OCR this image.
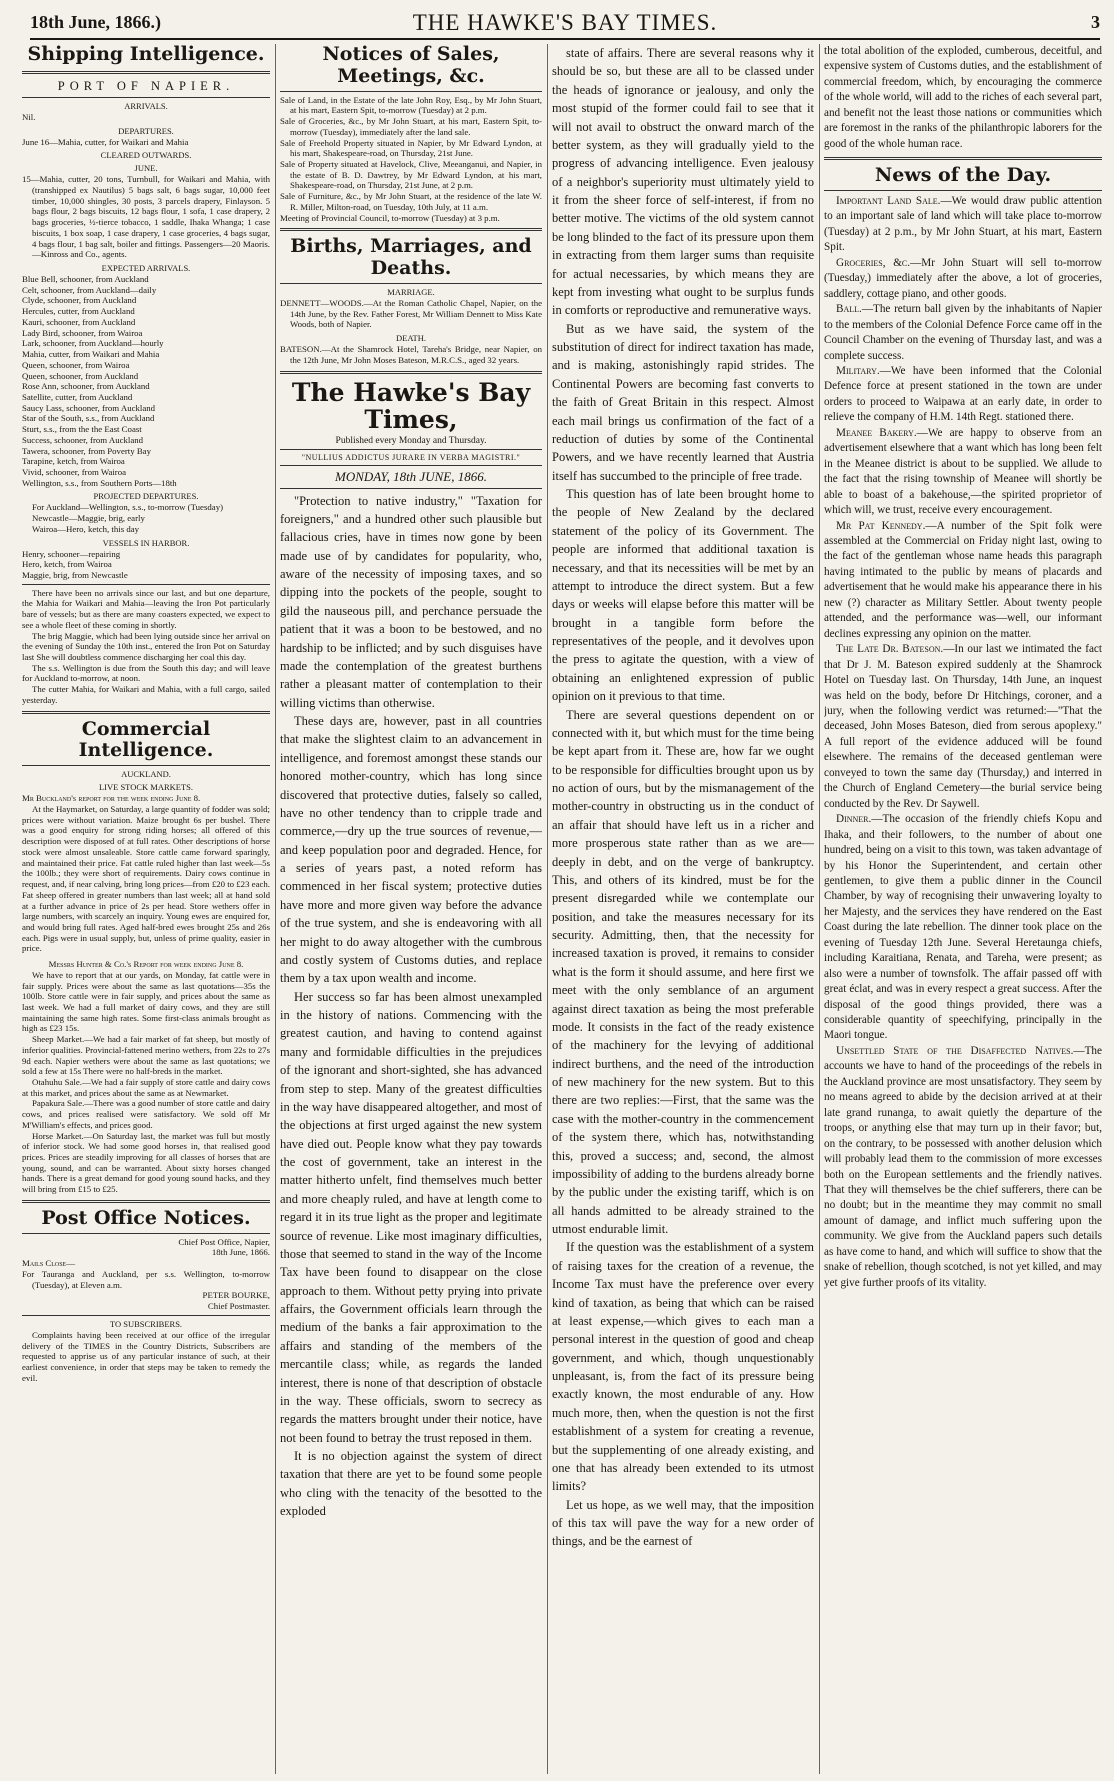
18th June, 1866.)	THE HAWKE'S BAY TIMES.	3
Shipping Intelligence.
PORT OF NAPIER.
ARRIVALS.

Nil.

DEPARTURES.

June 16—Mahia, cutter, for Waikari and Mahia

CLEARED OUTWARDS.
JUNE.

15—Mahia, cutter, 20 tons, Turnbull, for Waikari and Mahia, with (transhipped ex Nautilus) 5 bags salt, 6 bags sugar, 10,000 feet timber, 10,000 shingles, 30 posts, 3 parcels drapery, Finlayson. 5 bags flour, 2 bags biscuits, 12 bags flour, 1 sofa, 1 case drapery, 2 bags groceries, ½-tierce tobacco, 1 saddle, Ihaka Whanga; 1 case biscuits, 1 box soap, 1 case drapery, 1 case groceries, 4 bags sugar, 4 bags flour, 1 bag salt, boiler and fittings. Passengers—20 Maoris.—Kinross and Co., agents.

EXPECTED ARRIVALS.

Blue Bell, schooner, from Auckland

Celt, schooner, from Auckland—daily

Clyde, schooner, from Auckland

Hercules, cutter, from Auckland

Kauri, schooner, from Auckland

Lady Bird, schooner, from Wairoa

Lark, schooner, from Auckland—hourly

Mahia, cutter, from Waikari and Mahia

Queen, schooner, from Wairoa

Queen, schooner, from Auckland

Rose Ann, schooner, from Auckland

Satellite, cutter, from Auckland

Saucy Lass, schooner, from Auckland

Star of the South, s.s., from Auckland

Sturt, s.s., from the the East Coast

Success, schooner, from Auckland

Tawera, schooner, from Poverty Bay

Tarapine, ketch, from Wairoa

Vivid, schooner, from Wairoa

Wellington, s.s., from Southern Ports—18th

PROJECTED DEPARTURES.

For Auckland—Wellington, s.s., to-morrow (Tuesday)

Newcastle—Maggie, brig, early

Wairoa—Hero, ketch, this day

VESSELS IN HARBOR.

Henry, schooner—repairing

Hero, ketch, from Wairoa

Maggie, brig, from Newcastle

There have been no arrivals since our last, and but one departure, the Mahia for Waikari and Mahia—leaving the Iron Pot particularly bare of vessels; but as there are many coasters expected, we expect to see a whole fleet of these coming in shortly.

The brig Maggie, which had been lying outside since her arrival on the evening of Sunday the 10th inst., entered the Iron Pot on Saturday last She will doubtless commence discharging her coal this day.

The s.s. Wellington is due from the South this day; and will leave for Auckland to-morrow, at noon.

The cutter Mahia, for Waikari and Mahia, with a full cargo, sailed yesterday.

Commercial Intelligence.
AUCKLAND.
LIVE STOCK MARKETS.

Mr Buckland's report for the week ending June 8.

At the Haymarket, on Saturday, a large quantity of fodder was sold; prices were without variation. Maize brought 6s per bushel. There was a good enquiry for strong riding horses; all offered of this description were disposed of at full rates. Other descriptions of horse stock were almost unsaleable. Store cattle came forward sparingly, and maintained their price. Fat cattle ruled higher than last week—5s the 100lb.; they were short of requirements. Dairy cows continue in request, and, if near calving, bring long prices—from £20 to £23 each. Fat sheep offered in greater numbers than last week; all at hand sold at a further advance in price of 2s per head. Store wethers offer in large numbers, with scarcely an inquiry. Young ewes are enquired for, and would bring full rates. Aged half-bred ewes brought 25s and 26s each. Pigs were in usual supply, but, unless of prime quality, easier in price.

Messrs Hunter & Co.'s Report for week ending June 8.

We have to report that at our yards, on Monday, fat cattle were in fair supply. Prices were about the same as last quotations—35s the 100lb. Store cattle were in fair supply, and prices about the same as last week. We had a full market of dairy cows, and they are still maintaining the same high rates. Some first-class animals brought as high as £23 15s.

Sheep Market.—We had a fair market of fat sheep, but mostly of inferior qualities. Provincial-fattened merino wethers, from 22s to 27s 9d each. Napier wethers were about the same as last quotations; we sold a few at 15s There were no half-breds in the market.

Otahuhu Sale.—We had a fair supply of store cattle and dairy cows at this market, and prices about the same as at Newmarket.

Papakura Sale.—There was a good number of store cattle and dairy cows, and prices realised were satisfactory. We sold off Mr M'William's effects, and prices good.

Horse Market.—On Saturday last, the market was full but mostly of inferior stock. We had some good horses in, that realised good prices. Prices are steadily improving for all classes of horses that are young, sound, and can be warranted. About sixty horses changed hands. There is a great demand for good young sound hacks, and they will bring from £15 to £25.

Post Office Notices.

Chief Post Office, Napier,

18th June, 1866.

Mails Close—

For Tauranga and Auckland, per s.s. Wellington, to-morrow (Tuesday), at Eleven a.m.

PETER BOURKE,

Chief Postmaster.

TO SUBSCRIBERS.

Complaints having been received at our office of the irregular delivery of the TIMES in the Country Districts, Subscribers are requested to apprise us of any particular instance of such, at their earliest convenience, in order that steps may be taken to remedy the evil.

Notices of Sales, Meetings, &c.

Sale of Land, in the Estate of the late John Roy, Esq., by Mr John Stuart, at his mart, Eastern Spit, to-morrow (Tuesday) at 2 p.m.

Sale of Groceries, &c., by Mr John Stuart, at his mart, Eastern Spit, to-morrow (Tuesday), immediately after the land sale.

Sale of Freehold Property situated in Napier, by Mr Edward Lyndon, at his mart, Shakespeare-road, on Thursday, 21st June.

Sale of Property situated at Havelock, Clive, Meeanganui, and Napier, in the estate of B. D. Dawtrey, by Mr Edward Lyndon, at his mart, Shakespeare-road, on Thursday, 21st June, at 2 p.m.

Sale of Furniture, &c., by Mr John Stuart, at the residence of the late W. R. Miller, Milton-road, on Tuesday, 10th July, at 11 a.m.

Meeting of Provincial Council, to-morrow (Tuesday) at 3 p.m.

Births, Marriages, and Deaths.
MARRIAGE.

DENNETT—WOODS.—At the Roman Catholic Chapel, Napier, on the 14th June, by the Rev. Father Forest, Mr William Dennett to Miss Kate Woods, both of Napier.

DEATH.

BATESON.—At the Shamrock Hotel, Tareha's Bridge, near Napier, on the 12th June, Mr John Moses Bateson, M.R.C.S., aged 32 years.

The Hawke's Bay Times,
Published every Monday and Thursday.
"NULLIUS ADDICTUS JURARE IN VERBA MAGISTRI."
MONDAY, 18th JUNE, 1866.

"Protection to native industry," "Taxation for foreigners," and a hundred other such plausible but fallacious cries, have in times now gone by been made use of by candidates for popularity, who, aware of the necessity of imposing taxes, and so dipping into the pockets of the people, sought to gild the nauseous pill, and perchance persuade the patient that it was a boon to be bestowed, and no hardship to be inflicted; and by such disguises have made the contemplation of the greatest burthens rather a pleasant matter of contemplation to their willing victims than otherwise.

These days are, however, past in all countries that make the slightest claim to an advancement in intelligence, and foremost amongst these stands our honored mother-country, which has long since discovered that protective duties, falsely so called, have no other tendency than to cripple trade and commerce,—dry up the true sources of revenue,—and keep population poor and degraded. Hence, for a series of years past, a noted reform has commenced in her fiscal system; protective duties have more and more given way before the advance of the true system, and she is endeavoring with all her might to do away altogether with the cumbrous and costly system of Customs duties, and replace them by a tax upon wealth and income.

Her success so far has been almost unexampled in the history of nations. Commencing with the greatest caution, and having to contend against many and formidable difficulties in the prejudices of the ignorant and short-sighted, she has advanced from step to step. Many of the greatest difficulties in the way have disappeared altogether, and most of the objections at first urged against the new system have died out. People know what they pay towards the cost of government, take an interest in the matter hitherto unfelt, find themselves much better and more cheaply ruled, and have at length come to regard it in its true light as the proper and legitimate source of revenue. Like most imaginary difficulties, those that seemed to stand in the way of the Income Tax have been found to disappear on the close approach to them. Without petty prying into private affairs, the Government officials learn through the medium of the banks a fair approximation to the affairs and standing of the members of the mercantile class; while, as regards the landed interest, there is none of that description of obstacle in the way. These officials, sworn to secrecy as regards the matters brought under their notice, have not been found to betray the trust reposed in them.

It is no objection against the system of direct taxation that there are yet to be found some people who cling with the tenacity of the besotted to the exploded

state of affairs. There are several reasons why it should be so, but these are all to be classed under the heads of ignorance or jealousy, and only the most stupid of the former could fail to see that it will not avail to obstruct the onward march of the better system, as they will gradually yield to the progress of advancing intelligence. Even jealousy of a neighbor's superiority must ultimately yield to it from the sheer force of self-interest, if from no better motive. The victims of the old system cannot be long blinded to the fact of its pressure upon them in extracting from them larger sums than requisite for actual necessaries, by which means they are kept from investing what ought to be surplus funds in comforts or reproductive and remunerative ways.

But as we have said, the system of the substitution of direct for indirect taxation has made, and is making, astonishingly rapid strides. The Continental Powers are becoming fast converts to the faith of Great Britain in this respect. Almost each mail brings us confirmation of the fact of a reduction of duties by some of the Continental Powers, and we have recently learned that Austria itself has succumbed to the principle of free trade.

This question has of late been brought home to the people of New Zealand by the declared statement of the policy of its Government. The people are informed that additional taxation is necessary, and that its necessities will be met by an attempt to introduce the direct system. But a few days or weeks will elapse before this matter will be brought in a tangible form before the representatives of the people, and it devolves upon the press to agitate the question, with a view of obtaining an enlightened expression of public opinion on it previous to that time.

There are several questions dependent on or connected with it, but which must for the time being be kept apart from it. These are, how far we ought to be responsible for difficulties brought upon us by no action of ours, but by the mismanagement of the mother-country in obstructing us in the conduct of an affair that should have left us in a richer and more prosperous state rather than as we are—deeply in debt, and on the verge of bankruptcy. This, and others of its kindred, must be for the present disregarded while we contemplate our position, and take the measures necessary for its security. Admitting, then, that the necessity for increased taxation is proved, it remains to consider what is the form it should assume, and here first we meet with the only semblance of an argument against direct taxation as being the most preferable mode. It consists in the fact of the ready existence of the machinery for the levying of additional indirect burthens, and the need of the introduction of new machinery for the new system. But to this there are two replies:—First, that the same was the case with the mother-country in the commencement of the system there, which has, notwithstanding this, proved a success; and, second, the almost impossibility of adding to the burdens already borne by the public under the existing tariff, which is on all hands admitted to be already strained to the utmost endurable limit.

If the question was the establishment of a system of raising taxes for the creation of a revenue, the Income Tax must have the preference over every kind of taxation, as being that which can be raised at least expense,—which gives to each man a personal interest in the question of good and cheap government, and which, though unquestionably unpleasant, is, from the fact of its pressure being exactly known, the most endurable of any. How much more, then, when the question is not the first establishment of a system for creating a revenue, but the supplementing of one already existing, and one that has already been extended to its utmost limits?

Let us hope, as we well may, that the imposition of this tax will pave the way for a new order of things, and be the earnest of

the total abolition of the exploded, cumberous, deceitful, and expensive system of Customs duties, and the establishment of commercial freedom, which, by encouraging the commerce of the whole world, will add to the riches of each several part, and benefit not the least those nations or communities which are foremost in the ranks of the philanthropic laborers for the good of the whole human race.

News of the Day.

Important Land Sale.—We would draw public attention to an important sale of land which will take place to-morrow (Tuesday) at 2 p.m., by Mr John Stuart, at his mart, Eastern Spit.

Groceries, &c.—Mr John Stuart will sell to-morrow (Tuesday,) immediately after the above, a lot of groceries, saddlery, cottage piano, and other goods.

Ball.—The return ball given by the inhabitants of Napier to the members of the Colonial Defence Force came off in the Council Chamber on the evening of Thursday last, and was a complete success.

Military.—We have been informed that the Colonial Defence force at present stationed in the town are under orders to proceed to Waipawa at an early date, in order to relieve the company of H.M. 14th Regt. stationed there.

Meanee Bakery.—We are happy to observe from an advertisement elsewhere that a want which has long been felt in the Meanee district is about to be supplied. We allude to the fact that the rising township of Meanee will shortly be able to boast of a bakehouse,—the spirited proprietor of which will, we trust, receive every encouragement.

Mr Pat Kennedy.—A number of the Spit folk were assembled at the Commercial on Friday night last, owing to the fact of the gentleman whose name heads this paragraph having intimated to the public by means of placards and advertisement that he would make his appearance there in his new (?) character as Military Settler. About twenty people attended, and the performance was—well, our informant declines expressing any opinion on the matter.

The Late Dr. Bateson.—In our last we intimated the fact that Dr J. M. Bateson expired suddenly at the Shamrock Hotel on Tuesday last. On Thursday, 14th June, an inquest was held on the body, before Dr Hitchings, coroner, and a jury, when the following verdict was returned:—"That the deceased, John Moses Bateson, died from serous apoplexy." A full report of the evidence adduced will be found elsewhere. The remains of the deceased gentleman were conveyed to town the same day (Thursday,) and interred in the Church of England Cemetery—the burial service being conducted by the Rev. Dr Saywell.

Dinner.—The occasion of the friendly chiefs Kopu and Ihaka, and their followers, to the number of about one hundred, being on a visit to this town, was taken advantage of by his Honor the Superintendent, and certain other gentlemen, to give them a public dinner in the Council Chamber, by way of recognising their unwavering loyalty to her Majesty, and the services they have rendered on the East Coast during the late rebellion. The dinner took place on the evening of Tuesday 12th June. Several Heretaunga chiefs, including Karaitiana, Renata, and Tareha, were present; as also were a number of townsfolk. The affair passed off with great éclat, and was in every respect a great success. After the disposal of the good things provided, there was a considerable quantity of speechifying, principally in the Maori tongue.

Unsettled State of the Disaffected Natives.—The accounts we have to hand of the proceedings of the rebels in the Auckland province are most unsatisfactory. They seem by no means agreed to abide by the decision arrived at at their late grand runanga, to await quietly the departure of the troops, or anything else that may turn up in their favor; but, on the contrary, to be possessed with another delusion which will probably lead them to the commission of more excesses both on the European settlements and the friendly natives. That they will themselves be the chief sufferers, there can be no doubt; but in the meantime they may commit no small amount of damage, and inflict much suffering upon the community. We give from the Auckland papers such details as have come to hand, and which will suffice to show that the snake of rebellion, though scotched, is not yet killed, and may yet give further proofs of its vitality.
